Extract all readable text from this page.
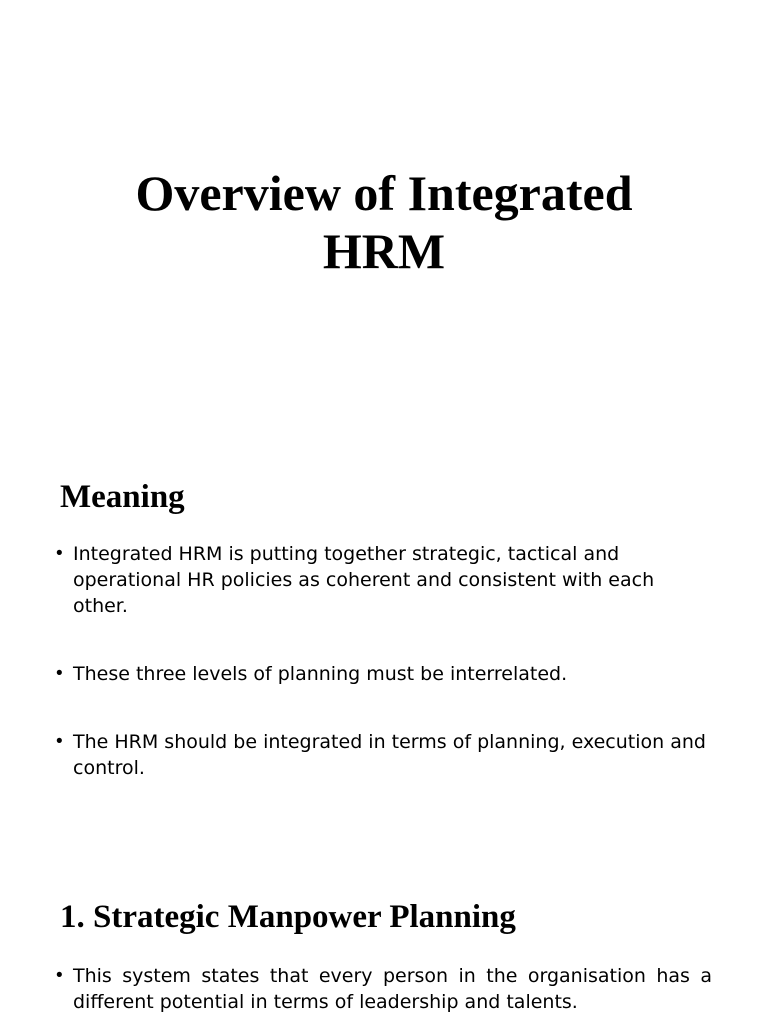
Overview of Integrated
HRM
Meaning
• Integrated HRM is putting together strategic, tactical and operational HR policies as coherent and consistent with each other.
• These three levels of planning must be interrelated.
• The HRM should be integrated in terms of planning, execution and control.
1. Strategic Manpower Planning
• This system states that every person in the organisation has a
different potential in terms of leadership and talents.
